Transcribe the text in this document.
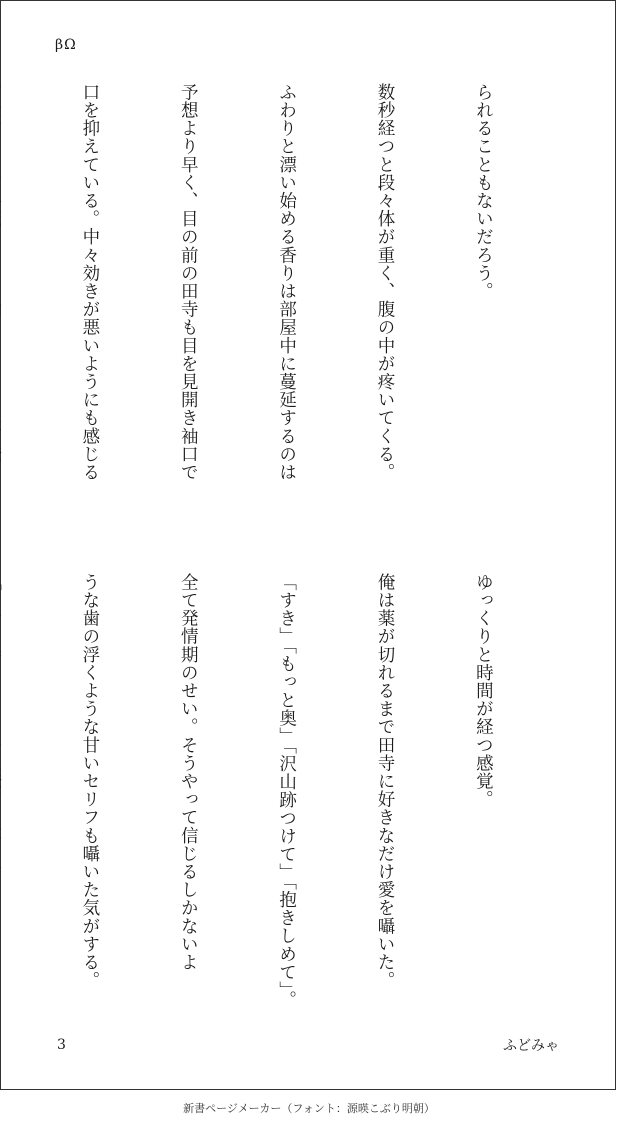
βΩ

られることもないだろう。

数秒経つと段々体が重く、腹の中が疼いてくる。

ふわりと漂い始める香りは部屋中に蔓延するのは

予想より早く、目の前の田寺も目を見開き袖口で

口を抑えている。中々効きが悪いようにも感じる

ゆっくりと時間が経つ感覚。

俺は薬が切れるまで田寺に好きなだけ愛を囁いた。

「すき」「もっと奥」「沢山跡つけて」「抱きしめて」。

全て発情期のせい。そうやって信じるしかないよ

うな歯の浮くような甘いセリフも囁いた気がする。

3	ふどみゃ
新書ページメーカー（フォント：源暎こぶり明朝）
